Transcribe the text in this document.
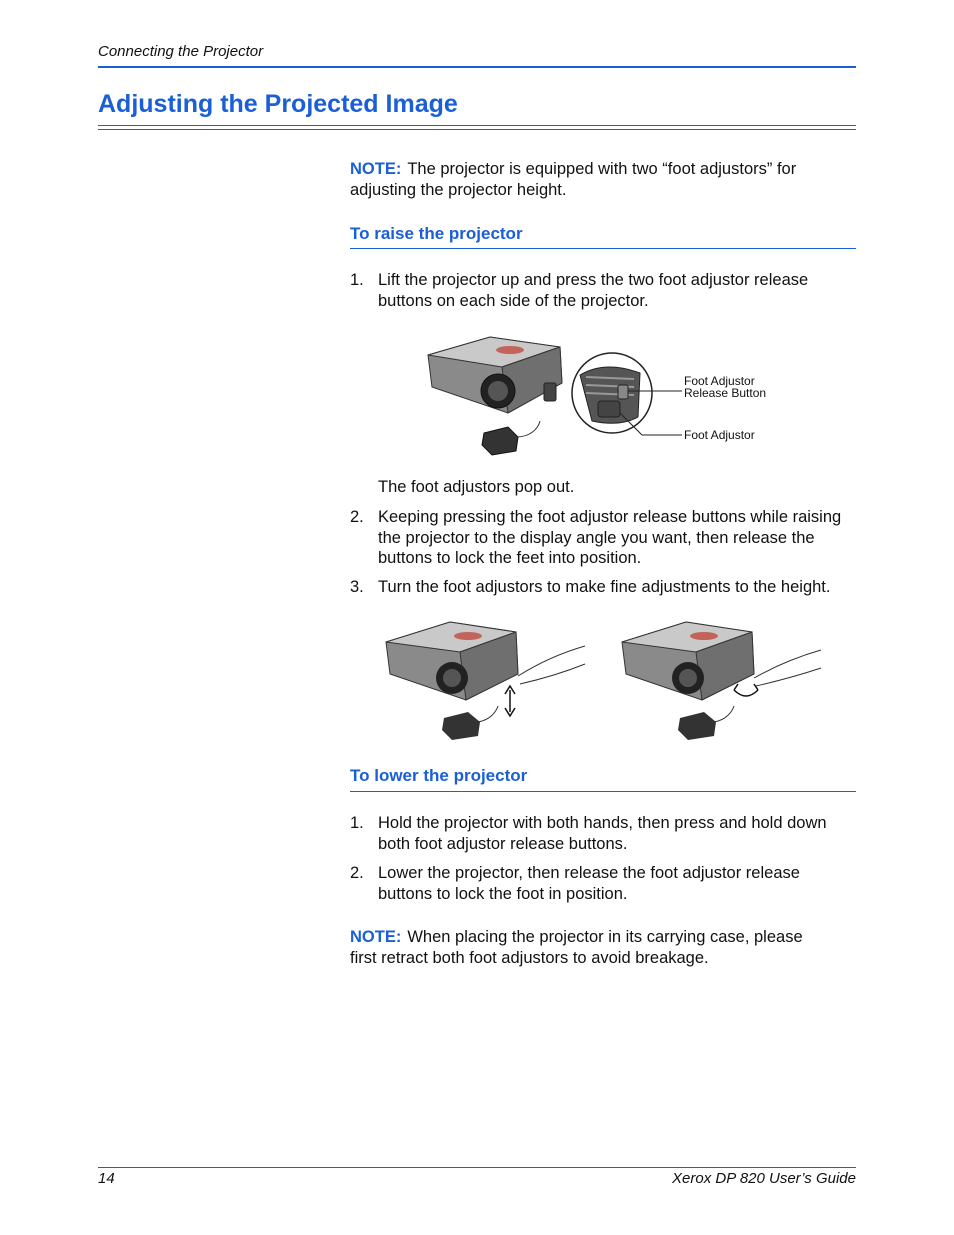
Connecting the Projector
Adjusting the Projected Image
NOTE: The projector is equipped with two “foot adjustors” for
adjusting the projector height.
To raise the projector
1. Lift the projector up and press the two foot adjustor release
buttons on each side of the projector.
Foot Adjustor
Release Button
Foot Adjustor
The foot adjustors pop out.
2. Keeping pressing the foot adjustor release buttons while raising
the projector to the display angle you want, then release the
buttons to lock the feet into position.
3. Turn the foot adjustors to make fine adjustments to the height.
To lower the projector
1. Hold the projector with both hands, then press and hold down
both foot adjustor release buttons.
2. Lower the projector, then release the foot adjustor release
buttons to lock the foot in position.
NOTE: When placing the projector in its carrying case, please
first retract both foot adjustors to avoid breakage.
14	Xerox DP 820 User’s Guide
